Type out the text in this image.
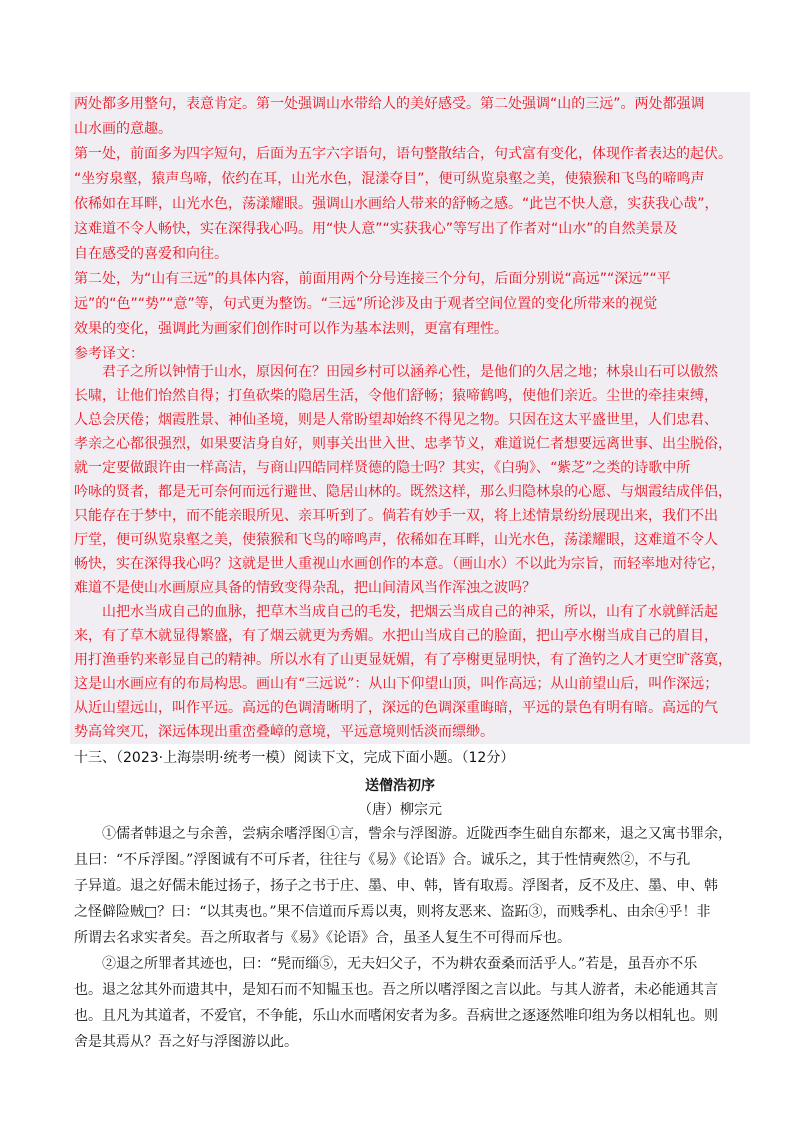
两处都多用整句，表意肯定。第一处强调山水带给人的美好感受。第二处强调“山的三远”。两处都强调
山水画的意趣。
第一处，前面多为四字短句，后面为五字六字语句，语句整散结合，句式富有变化，体现作者表达的起伏。
“坐穷泉壑，猿声鸟啼，依约在耳，山光水色，混漾夺目”，便可纵览泉壑之美，使猿猴和飞鸟的啼鸣声
依稀如在耳畔，山光水色，荡漾耀眼。强调山水画给人带来的舒畅之感。“此岂不快人意，实获我心哉”，
这难道不令人畅快，实在深得我心吗。用“快人意”“实获我心”等写出了作者对“山水”的自然美景及
自在感受的喜爱和向往。
第二处，为“山有三远”的具体内容，前面用两个分号连接三个分句，后面分别说“高远”“深远”“平
远”的“色”“势”“意”等，句式更为整饬。“三远”所论涉及由于观者空间位置的变化所带来的视觉
效果的变化，强调此为画家们创作时可以作为基本法则，更富有理性。
参考译文：
君子之所以钟情于山水，原因何在？田园乡村可以涵养心性，是他们的久居之地；林泉山石可以傲然
长啸，让他们怡然自得；打鱼砍柴的隐居生活，令他们舒畅；猿啼鹤鸣，使他们亲近。尘世的牵挂束缚，
人总会厌倦；烟霞胜景、神仙圣境，则是人常盼望却始终不得见之物。只因在这太平盛世里，人们忠君、
孝亲之心都很强烈，如果要洁身自好，则事关出世入世、忠孝节义，难道说仁者想要远离世事、出尘脱俗，
就一定要做跟许由一样高洁，与商山四皓同样贤德的隐士吗？其实，《白驹》、“紫芝”之类的诗歌中所
吟咏的贤者，都是无可奈何而远行避世、隐居山林的。既然这样，那么归隐林泉的心愿、与烟霞结成伴侣，
只能存在于梦中，而不能亲眼所见、亲耳听到了。倘若有妙手一双，将上述情景纷纷展现出来，我们不出
厅堂，便可纵览泉壑之美，使猿猴和飞鸟的啼鸣声，依稀如在耳畔，山光水色，荡漾耀眼，这难道不令人
畅快，实在深得我心吗？这就是世人重视山水画创作的本意。（画山水）不以此为宗旨，而轻率地对待它，
难道不是使山水画原应具备的情致变得杂乱，把山间清风当作浑浊之波吗？
山把水当成自己的血脉，把草木当成自己的毛发，把烟云当成自己的神采，所以，山有了水就鲜活起
来，有了草木就显得繁盛，有了烟云就更为秀媚。水把山当成自己的脸面，把山亭水榭当成自己的眉目，
用打渔垂钓来彰显自己的精神。所以水有了山更显妩媚，有了亭榭更显明快，有了渔钓之人才更空旷落寞，
这是山水画应有的布局构思。画山有“三远说”：从山下仰望山顶，叫作高远；从山前望山后，叫作深远；
从近山望远山，叫作平远。高远的色调清晰明了，深远的色调深重晦暗，平远的景色有明有暗。高远的气
势高耸突兀，深远体现出重峦叠嶂的意境，平远意境则恬淡而缥缈。
十三、（2023·上海崇明·统考一模）阅读下文，完成下面小题。（12分）
送僧浩初序
（唐）柳宗元
①儒者韩退之与余善，尝病余嗜浮图①言，訾余与浮图游。近陇西李生础自东都来，退之又寓书罪余，
且曰：“不斥浮图。”浮图诚有不可斥者，往往与《易》《论语》合。诚乐之，其于性情奭然②，不与孔
子异道。退之好儒未能过扬子，扬子之书于庄、墨、申、韩，皆有取焉。浮图者，反不及庄、墨、申、韩
之怪僻险贼□？曰：“以其夷也。”果不信道而斥焉以夷，则将友恶来、盗跖③，而贱季札、由余④乎！非
所谓去名求实者矣。吾之所取者与《易》《论语》合，虽圣人复生不可得而斥也。
②退之所罪者其迹也，曰：“髡而缁⑤，无夫妇父子，不为耕农蚕桑而活乎人。”若是，虽吾亦不乐
也。退之忿其外而遗其中，是知石而不知韫玉也。吾之所以嗜浮图之言以此。与其人游者，未必能通其言
也。且凡为其道者，不爱官，不争能，乐山水而嗜闲安者为多。吾病世之逐逐然唯印组为务以相轧也。则
舍是其焉从？吾之好与浮图游以此。
